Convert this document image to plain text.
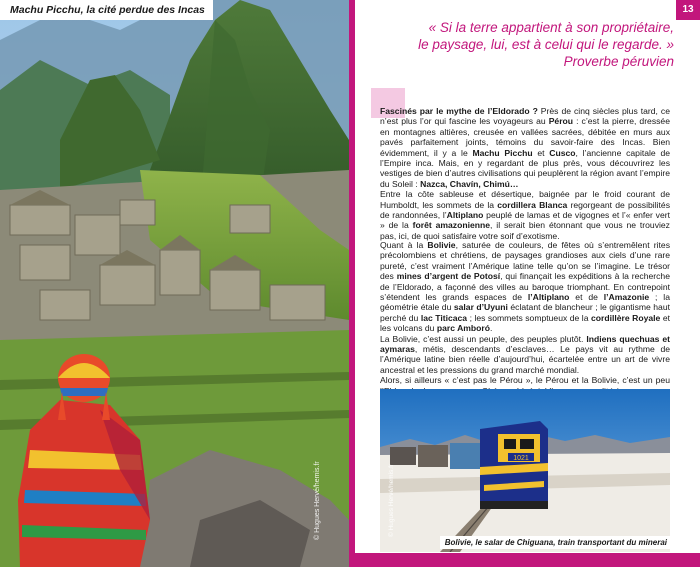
Machu Picchu, la cité perdue des Incas
© Hugues Hervé/hemis.fr
13
« Si la terre appartient à son propriétaire,
le paysage, lui, est à celui qui le regarde. »
Proverbe péruvien

Fascinés par le mythe de l’Eldorado ? Près de cinq siècles plus tard, ce n’est plus l’or qui fascine les voyageurs au Pérou : c’est la pierre, dressée en montagnes altières, creusée en vallées sacrées, débitée en murs aux pavés parfaitement joints, témoins du savoir-faire des Incas. Bien évidemment, il y a le Machu Picchu et Cusco, l’ancienne capitale de l’Empire inca. Mais, en y regardant de plus près, vous découvrirez les vestiges de bien d’autres civilisations qui peuplèrent la région avant l’empire du Soleil : Nazca, Chavín, Chimú…

Entre la côte sableuse et désertique, baignée par le froid courant de Humboldt, les sommets de la cordillera Blanca regorgeant de possibilités de randonnées, l’Altiplano peuplé de lamas et de vigognes et l’« enfer vert » de la forêt amazonienne, il serait bien étonnant que vous ne trouviez pas, ici, de quoi satisfaire votre soif d’exotisme.

Quant à la Bolivie, saturée de couleurs, de fêtes où s’entremêlent rites précolombiens et chrétiens, de paysages grandioses aux ciels d’une rare pureté, c’est vraiment l’Amérique latine telle qu’on se l’imagine. Le trésor des mines d’argent de Potosí, qui finançait les expéditions à la recherche de l’Eldorado, a façonné des villes au baroque triomphant. En contrepoint s’étendent les grands espaces de l’Altiplano et de l’Amazonie ; la géométrie étale du salar d’Uyuni éclatant de blancheur ; le gigantisme haut perché du lac Titicaca ; les sommets somptueux de la cordillère Royale et les volcans du parc Amboró.

La Bolivie, c’est aussi un peuple, des peuples plutôt. Indiens quechuas et aymaras, métis, descendants d’esclaves… Le pays vit au rythme de l’Amérique latine bien réelle d’aujourd’hui, écartelée entre un art de vivre ancestral et les pressions du grand marché mondial.

Alors, si ailleurs « c’est pas le Pérou », le Pérou et la Bolivie, c’est un peu

1021
© Hugues Hervé/hemis.fr
Bolivie, le salar de Chiguana, train transportant du minerai
